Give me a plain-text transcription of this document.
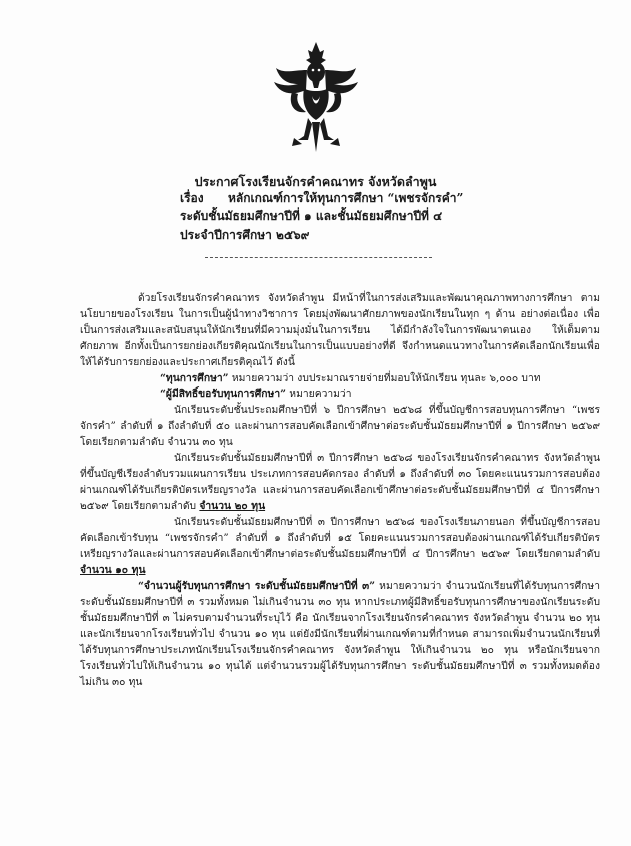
ประกาศโรงเรียนจักรคำคณาทร จังหวัดลำพูน
เรื่อง หลักเกณฑ์การให้ทุนการศึกษา “เพชรจักรคำ”
ระดับชั้นมัธยมศึกษาปีที่ ๑ และชั้นมัธยมศึกษาปีที่ ๔
ประจำปีการศึกษา ๒๕๖๙

ด้วยโรงเรียนจักรคำคณาทร จังหวัดลำพูน มีหน้าที่ในการส่งเสริมและพัฒนาคุณภาพทางการศึกษา ตามนโยบายของโรงเรียน ในการเป็นผู้นำทางวิชาการ โดยมุ่งพัฒนาศักยภาพของนักเรียนในทุก ๆ ด้าน อย่างต่อเนื่อง เพื่อเป็นการส่งเสริมและสนับสนุนให้นักเรียนที่มีความมุ่งมั่นในการเรียน ได้มีกำลังใจในการพัฒนาตนเอง ให้เต็มตามศักยภาพ อีกทั้งเป็นการยกย่องเกียรติคุณนักเรียนในการเป็นแบบอย่างที่ดี จึงกำหนดแนวทางในการคัดเลือกนักเรียนเพื่อให้ได้รับการยกย่องและประกาศเกียรติคุณไว้ ดังนี้

“ทุนการศึกษา” หมายความว่า งบประมาณรายจ่ายที่มอบให้นักเรียน ทุนละ ๖,๐๐๐ บาท

“ผู้มีสิทธิ์ขอรับทุนการศึกษา” หมายความว่า

นักเรียนระดับชั้นประถมศึกษาปีที่ ๖ ปีการศึกษา ๒๕๖๘ ที่ขึ้นบัญชีการสอบทุนการศึกษา “เพชรจักรคำ” ลำดับที่ ๑ ถึงลำดับที่ ๕๐ และผ่านการสอบคัดเลือกเข้าศึกษาต่อระดับชั้นมัธยมศึกษาปีที่ ๑ ปีการศึกษา ๒๕๖๙ โดยเรียกตามลำดับ จำนวน ๓๐ ทุน

นักเรียนระดับชั้นมัธยมศึกษาปีที่ ๓ ปีการศึกษา ๒๕๖๘ ของโรงเรียนจักรคำคณาทร จังหวัดลำพูน ที่ขึ้นบัญชีเรียงลำดับรวมแผนการเรียน ประเภทการสอบคัดกรอง ลำดับที่ ๑ ถึงลำดับที่ ๓๐ โดยคะแนนรวมการสอบต้องผ่านเกณฑ์ได้รับเกียรติบัตรเหรียญรางวัล และผ่านการสอบคัดเลือกเข้าศึกษาต่อระดับชั้นมัธยมศึกษาปีที่ ๔ ปีการศึกษา ๒๕๖๙ โดยเรียกตามลำดับ จำนวน ๒๐ ทุน

นักเรียนระดับชั้นมัธยมศึกษาปีที่ ๓ ปีการศึกษา ๒๕๖๘ ของโรงเรียนภายนอก ที่ขึ้นบัญชีการสอบคัดเลือกเข้ารับทุน “เพชรจักรคำ” ลำดับที่ ๑ ถึงลำดับที่ ๑๕ โดยคะแนนรวมการสอบต้องผ่านเกณฑ์ได้รับเกียรติบัตรเหรียญรางวัลและผ่านการสอบคัดเลือกเข้าศึกษาต่อระดับชั้นมัธยมศึกษาปีที่ ๔ ปีการศึกษา ๒๕๖๙ โดยเรียกตามลำดับ จำนวน ๑๐ ทุน

“จำนวนผู้รับทุนการศึกษา ระดับชั้นมัธยมศึกษาปีที่ ๓” หมายความว่า จำนวนนักเรียนที่ได้รับทุนการศึกษาระดับชั้นมัธยมศึกษาปีที่ ๓ รวมทั้งหมด ไม่เกินจำนวน ๓๐ ทุน หากประเภทผู้มีสิทธิ์ขอรับทุนการศึกษาของนักเรียนระดับชั้นมัธยมศึกษาปีที่ ๓ ไม่ครบตามจำนวนที่ระบุไว้ คือ นักเรียนจากโรงเรียนจักรคำคณาทร จังหวัดลำพูน จำนวน ๒๐ ทุน และนักเรียนจากโรงเรียนทั่วไป จำนวน ๑๐ ทุน แต่ยังมีนักเรียนที่ผ่านเกณฑ์ตามที่กำหนด สามารถเพิ่มจำนวนนักเรียนที่ได้รับทุนการศึกษาประเภทนักเรียนโรงเรียนจักรคำคณาทร จังหวัดลำพูน ให้เกินจำนวน ๒๐ ทุน หรือนักเรียนจากโรงเรียนทั่วไปให้เกินจำนวน ๑๐ ทุนได้ แต่จำนวนรวมผู้ได้รับทุนการศึกษา ระดับชั้นมัธยมศึกษาปีที่ ๓ รวมทั้งหมดต้องไม่เกิน ๓๐ ทุน
